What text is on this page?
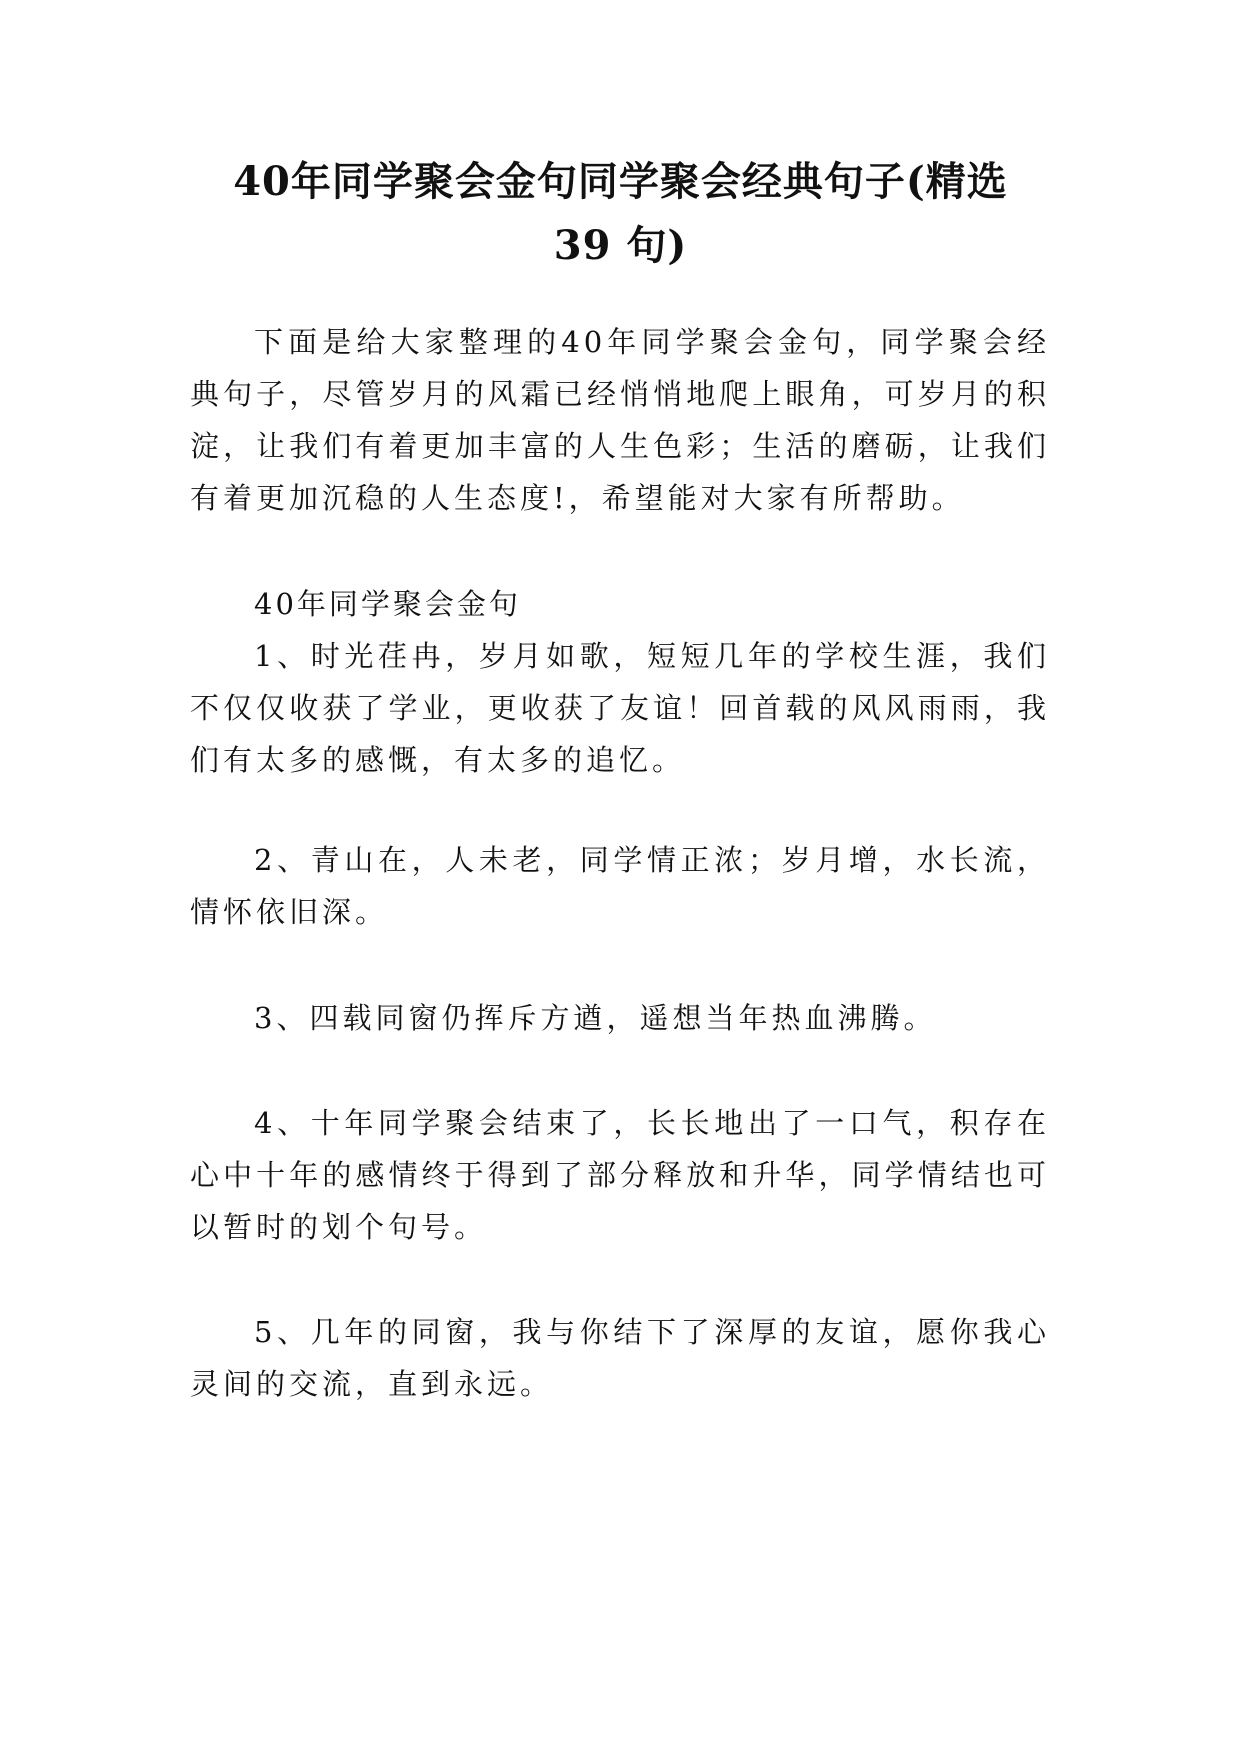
40年同学聚会金句同学聚会经典句子(精选
39 句)

下面是给大家整理的40年同学聚会金句，同学聚会经典句子，尽管岁月的风霜已经悄悄地爬上眼角，可岁月的积淀，让我们有着更加丰富的人生色彩；生活的磨砺，让我们有着更加沉稳的人生态度!，希望能对大家有所帮助。

40年同学聚会金句

1、时光荏冉，岁月如歌，短短几年的学校生涯，我们不仅仅收获了学业，更收获了友谊！回首载的风风雨雨，我们有太多的感慨，有太多的追忆。

2、青山在，人未老，同学情正浓；岁月增，水长流，情怀依旧深。

3、四载同窗仍挥斥方遒，遥想当年热血沸腾。

4、十年同学聚会结束了，长长地出了一口气，积存在心中十年的感情终于得到了部分释放和升华，同学情结也可以暂时的划个句号。

5、几年的同窗，我与你结下了深厚的友谊，愿你我心灵间的交流，直到永远。
